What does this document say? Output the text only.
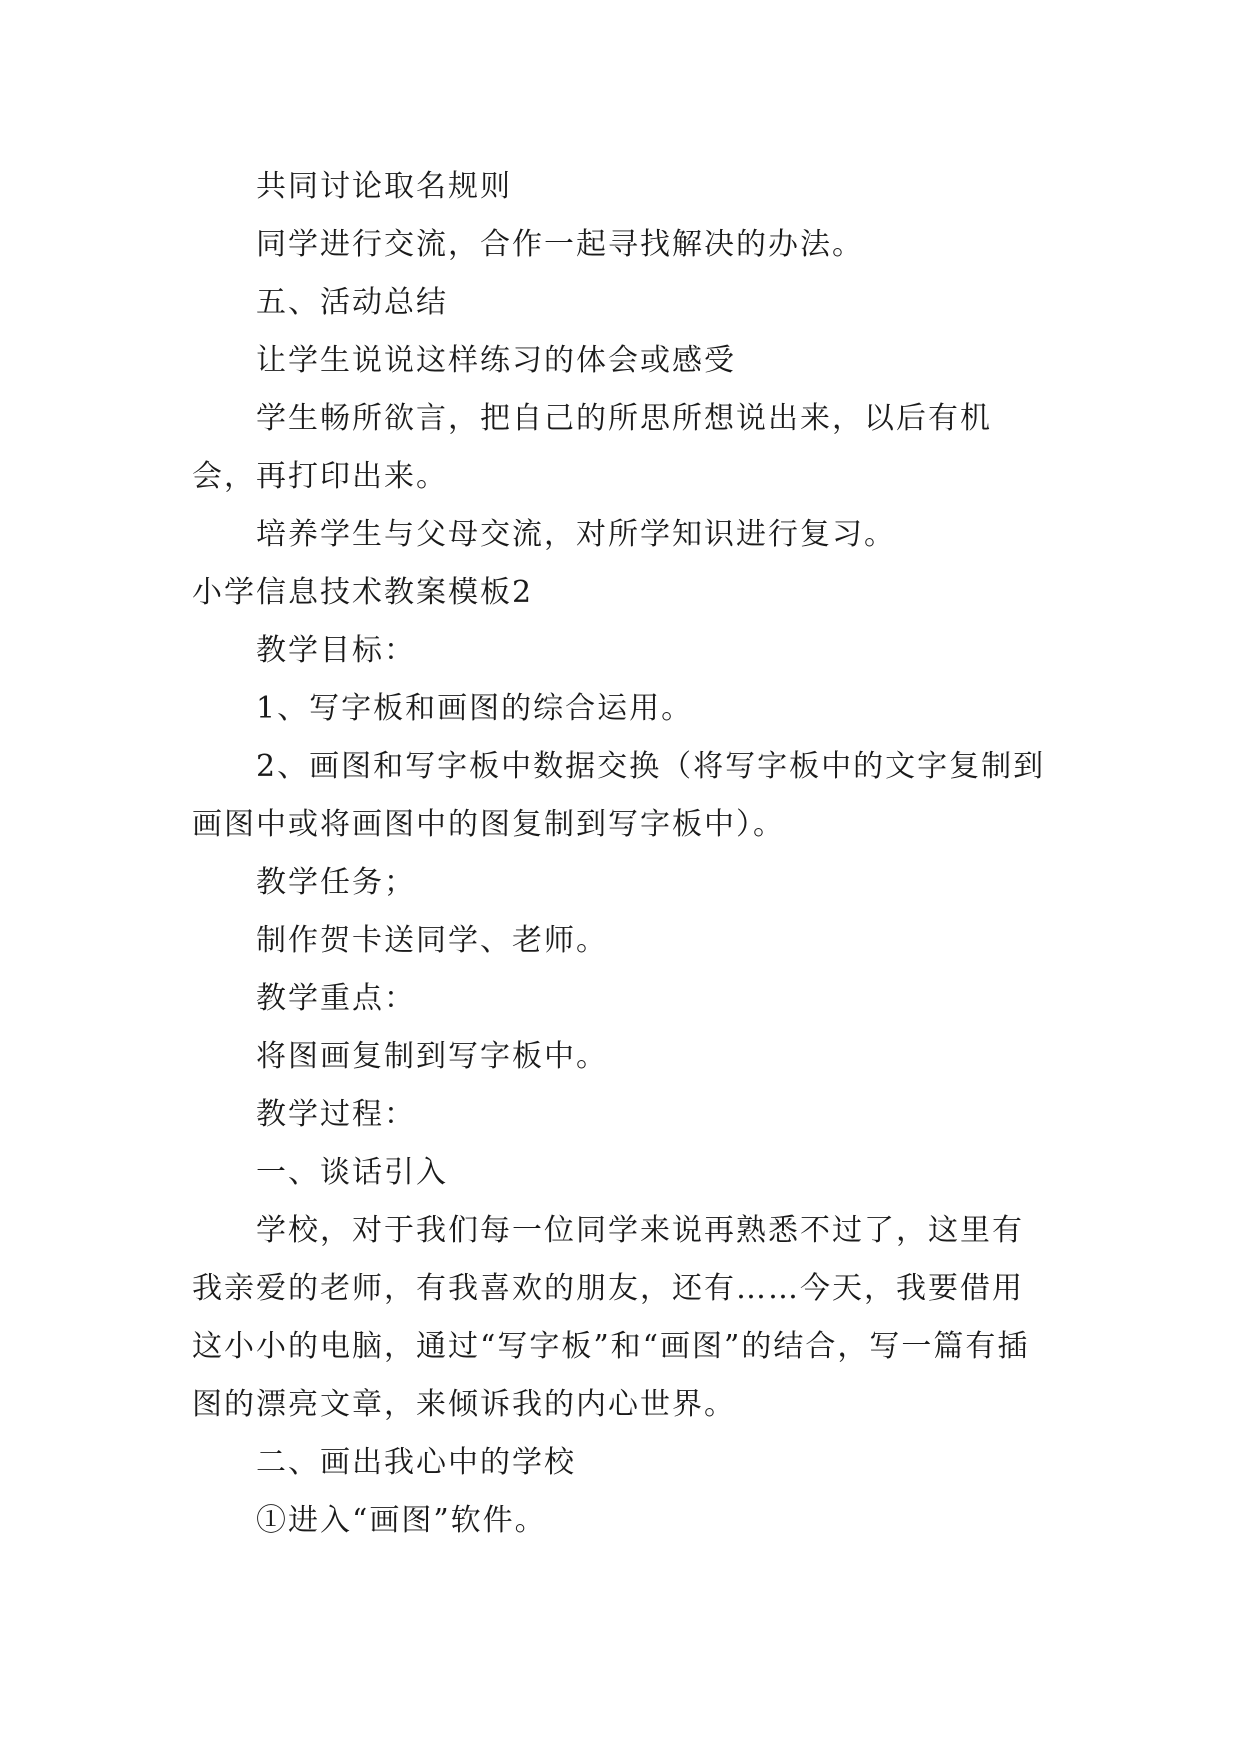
共同讨论取名规则

同学进行交流，合作一起寻找解决的办法。

五、活动总结

让学生说说这样练习的体会或感受

学生畅所欲言，把自己的所思所想说出来，以后有机会，再打印出来。

培养学生与父母交流，对所学知识进行复习。

小学信息技术教案模板2

教学目标：

1、写字板和画图的综合运用。

2、画图和写字板中数据交换（将写字板中的文字复制到画图中或将画图中的图复制到写字板中）。

教学任务；

制作贺卡送同学、老师。

教学重点：

将图画复制到写字板中。

教学过程：

一、谈话引入

学校，对于我们每一位同学来说再熟悉不过了，这里有我亲爱的老师，有我喜欢的朋友，还有……今天，我要借用这小小的电脑，通过“写字板”和“画图”的结合，写一篇有插图的漂亮文章，来倾诉我的内心世界。

二、画出我心中的学校

①进入“画图”软件。
